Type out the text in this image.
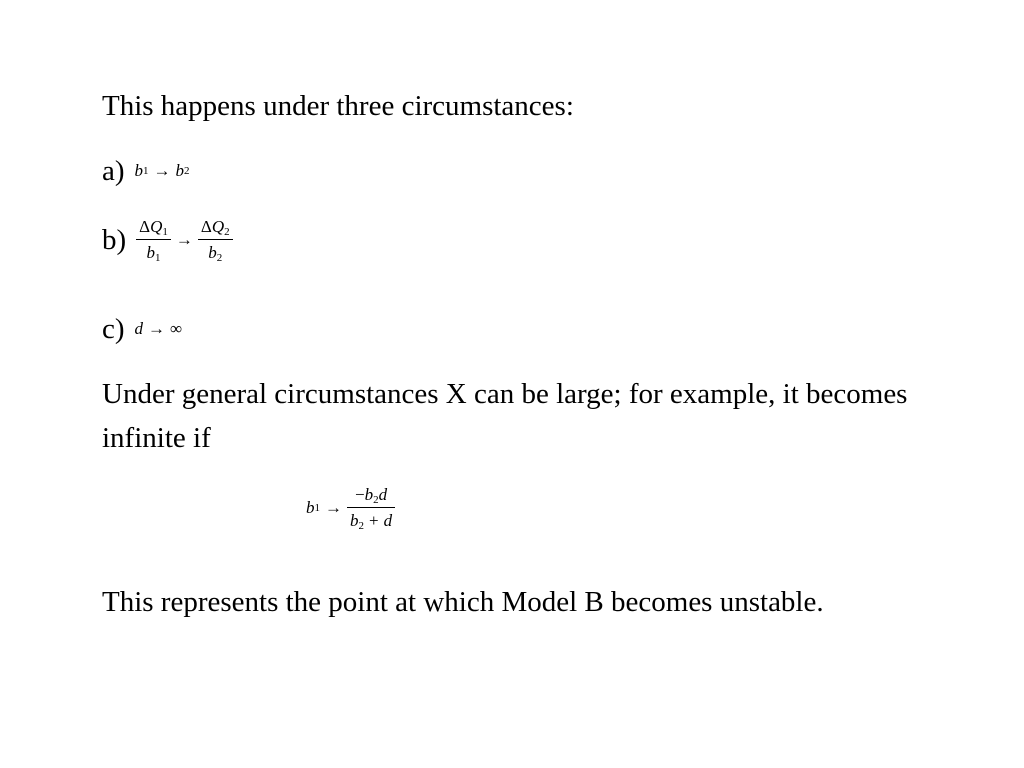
This happens under three circumstances:

a) b 1 → b 2
$b) \frac{\Delta Q_1}{b_1} \to \frac{\Delta Q_2}{b_2}$
c) d → ∞

Under general circumstances X can be large; for example, it becomes infinite if

b $1 \to \frac{-b_2d}{b_2 + d}$

This represents the point at which Model B becomes unstable.
